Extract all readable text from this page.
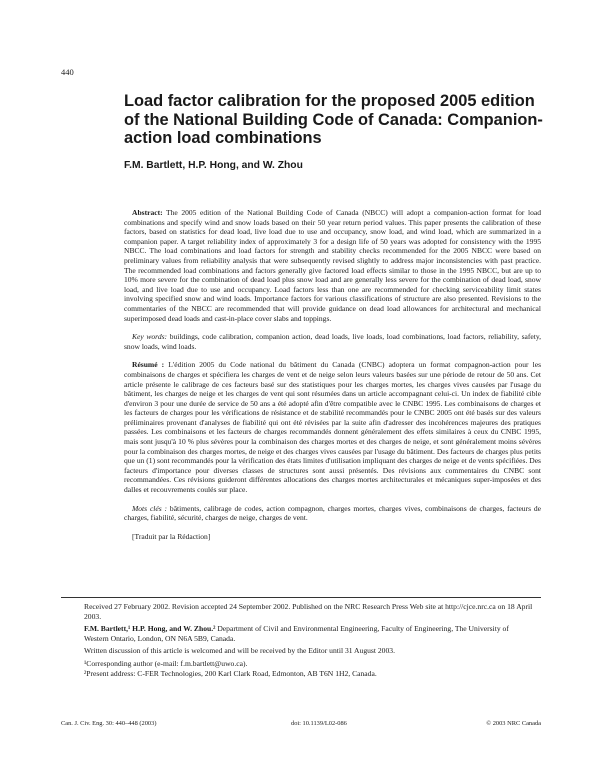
440
Load factor calibration for the proposed 2005 edition of the National Building Code of Canada: Companion-action load combinations
F.M. Bartlett, H.P. Hong, and W. Zhou

Abstract: The 2005 edition of the National Building Code of Canada (NBCC) will adopt a companion-action format for load combinations and specify wind and snow loads based on their 50 year return period values. This paper presents the calibration of these factors, based on statistics for dead load, live load due to use and occupancy, snow load, and wind load, which are summarized in a companion paper. A target reliability index of approximately 3 for a design life of 50 years was adopted for consistency with the 1995 NBCC. The load combinations and load factors for strength and stability checks recommended for the 2005 NBCC were based on preliminary values from reliability analysis that were subsequently revised slightly to address major inconsistencies with past practice. The recommended load combinations and factors generally give factored load effects similar to those in the 1995 NBCC, but are up to 10% more severe for the combination of dead load plus snow load and are generally less severe for the combination of dead load, snow load, and live load due to use and occupancy. Load factors less than one are recommended for checking serviceability limit states involving specified snow and wind loads. Importance factors for various classifications of structure are also presented. Revisions to the commentaries of the NBCC are recommended that will provide guidance on dead load allowances for architectural and mechanical superimposed dead loads and cast-in-place cover slabs and toppings.

Key words: buildings, code calibration, companion action, dead loads, live loads, load combinations, load factors, reliability, safety, snow loads, wind loads.

Résumé : L'édition 2005 du Code national du bâtiment du Canada (CNBC) adoptera un format compagnon-action pour les combinaisons de charges et spécifiera les charges de vent et de neige selon leurs valeurs basées sur une période de retour de 50 ans. Cet article présente le calibrage de ces facteurs basé sur des statistiques pour les charges mortes, les charges vives causées par l'usage du bâtiment, les charges de neige et les charges de vent qui sont résumées dans un article accompagnant celui-ci. Un index de fiabilité cible d'environ 3 pour une durée de service de 50 ans a été adopté afin d'être compatible avec le CNBC 1995. Les combinaisons de charges et les facteurs de charges pour les vérifications de résistance et de stabilité recommandés pour le CNBC 2005 ont été basés sur des valeurs préliminaires provenant d'analyses de fiabilité qui ont été révisées par la suite afin d'adresser des incohérences majeures des pratiques passées. Les combinaisons et les facteurs de charges recommandés donnent généralement des effets similaires à ceux du CNBC 1995, mais sont jusqu'à 10 % plus sévères pour la combinaison des charges mortes et des charges de neige, et sont généralement moins sévères pour la combinaison des charges mortes, de neige et des charges vives causées par l'usage du bâtiment. Des facteurs de charges plus petits que un (1) sont recommandés pour la vérification des états limites d'utilisation impliquant des charges de neige et de vents spécifiées. Des facteurs d'importance pour diverses classes de structures sont aussi présentés. Des révisions aux commentaires du CNBC sont recommandées. Ces révisions guideront différentes allocations des charges mortes architecturales et mécaniques super-imposées et des dalles et recouvrements coulés sur place.

Mots clés : bâtiments, calibrage de codes, action compagnon, charges mortes, charges vives, combinaisons de charges, facteurs de charges, fiabilité, sécurité, charges de neige, charges de vent.

[Traduit par la Rédaction]

Received 27 February 2002. Revision accepted 24 September 2002. Published on the NRC Research Press Web site at http://cjce.nrc.ca on 18 April 2003.

F.M. Bartlett,¹ H.P. Hong, and W. Zhou.² Department of Civil and Environmental Engineering, Faculty of Engineering, The University of Western Ontario, London, ON N6A 5B9, Canada.

Written discussion of this article is welcomed and will be received by the Editor until 31 August 2003.

¹Corresponding author (e-mail: f.m.bartlett@uwo.ca).

²Present address: C-FER Technologies, 200 Karl Clark Road, Edmonton, AB T6N 1H2, Canada.

Can. J. Civ. Eng. 30: 440–448 (2003)	doi: 10.1139/L02-086	© 2003 NRC Canada
